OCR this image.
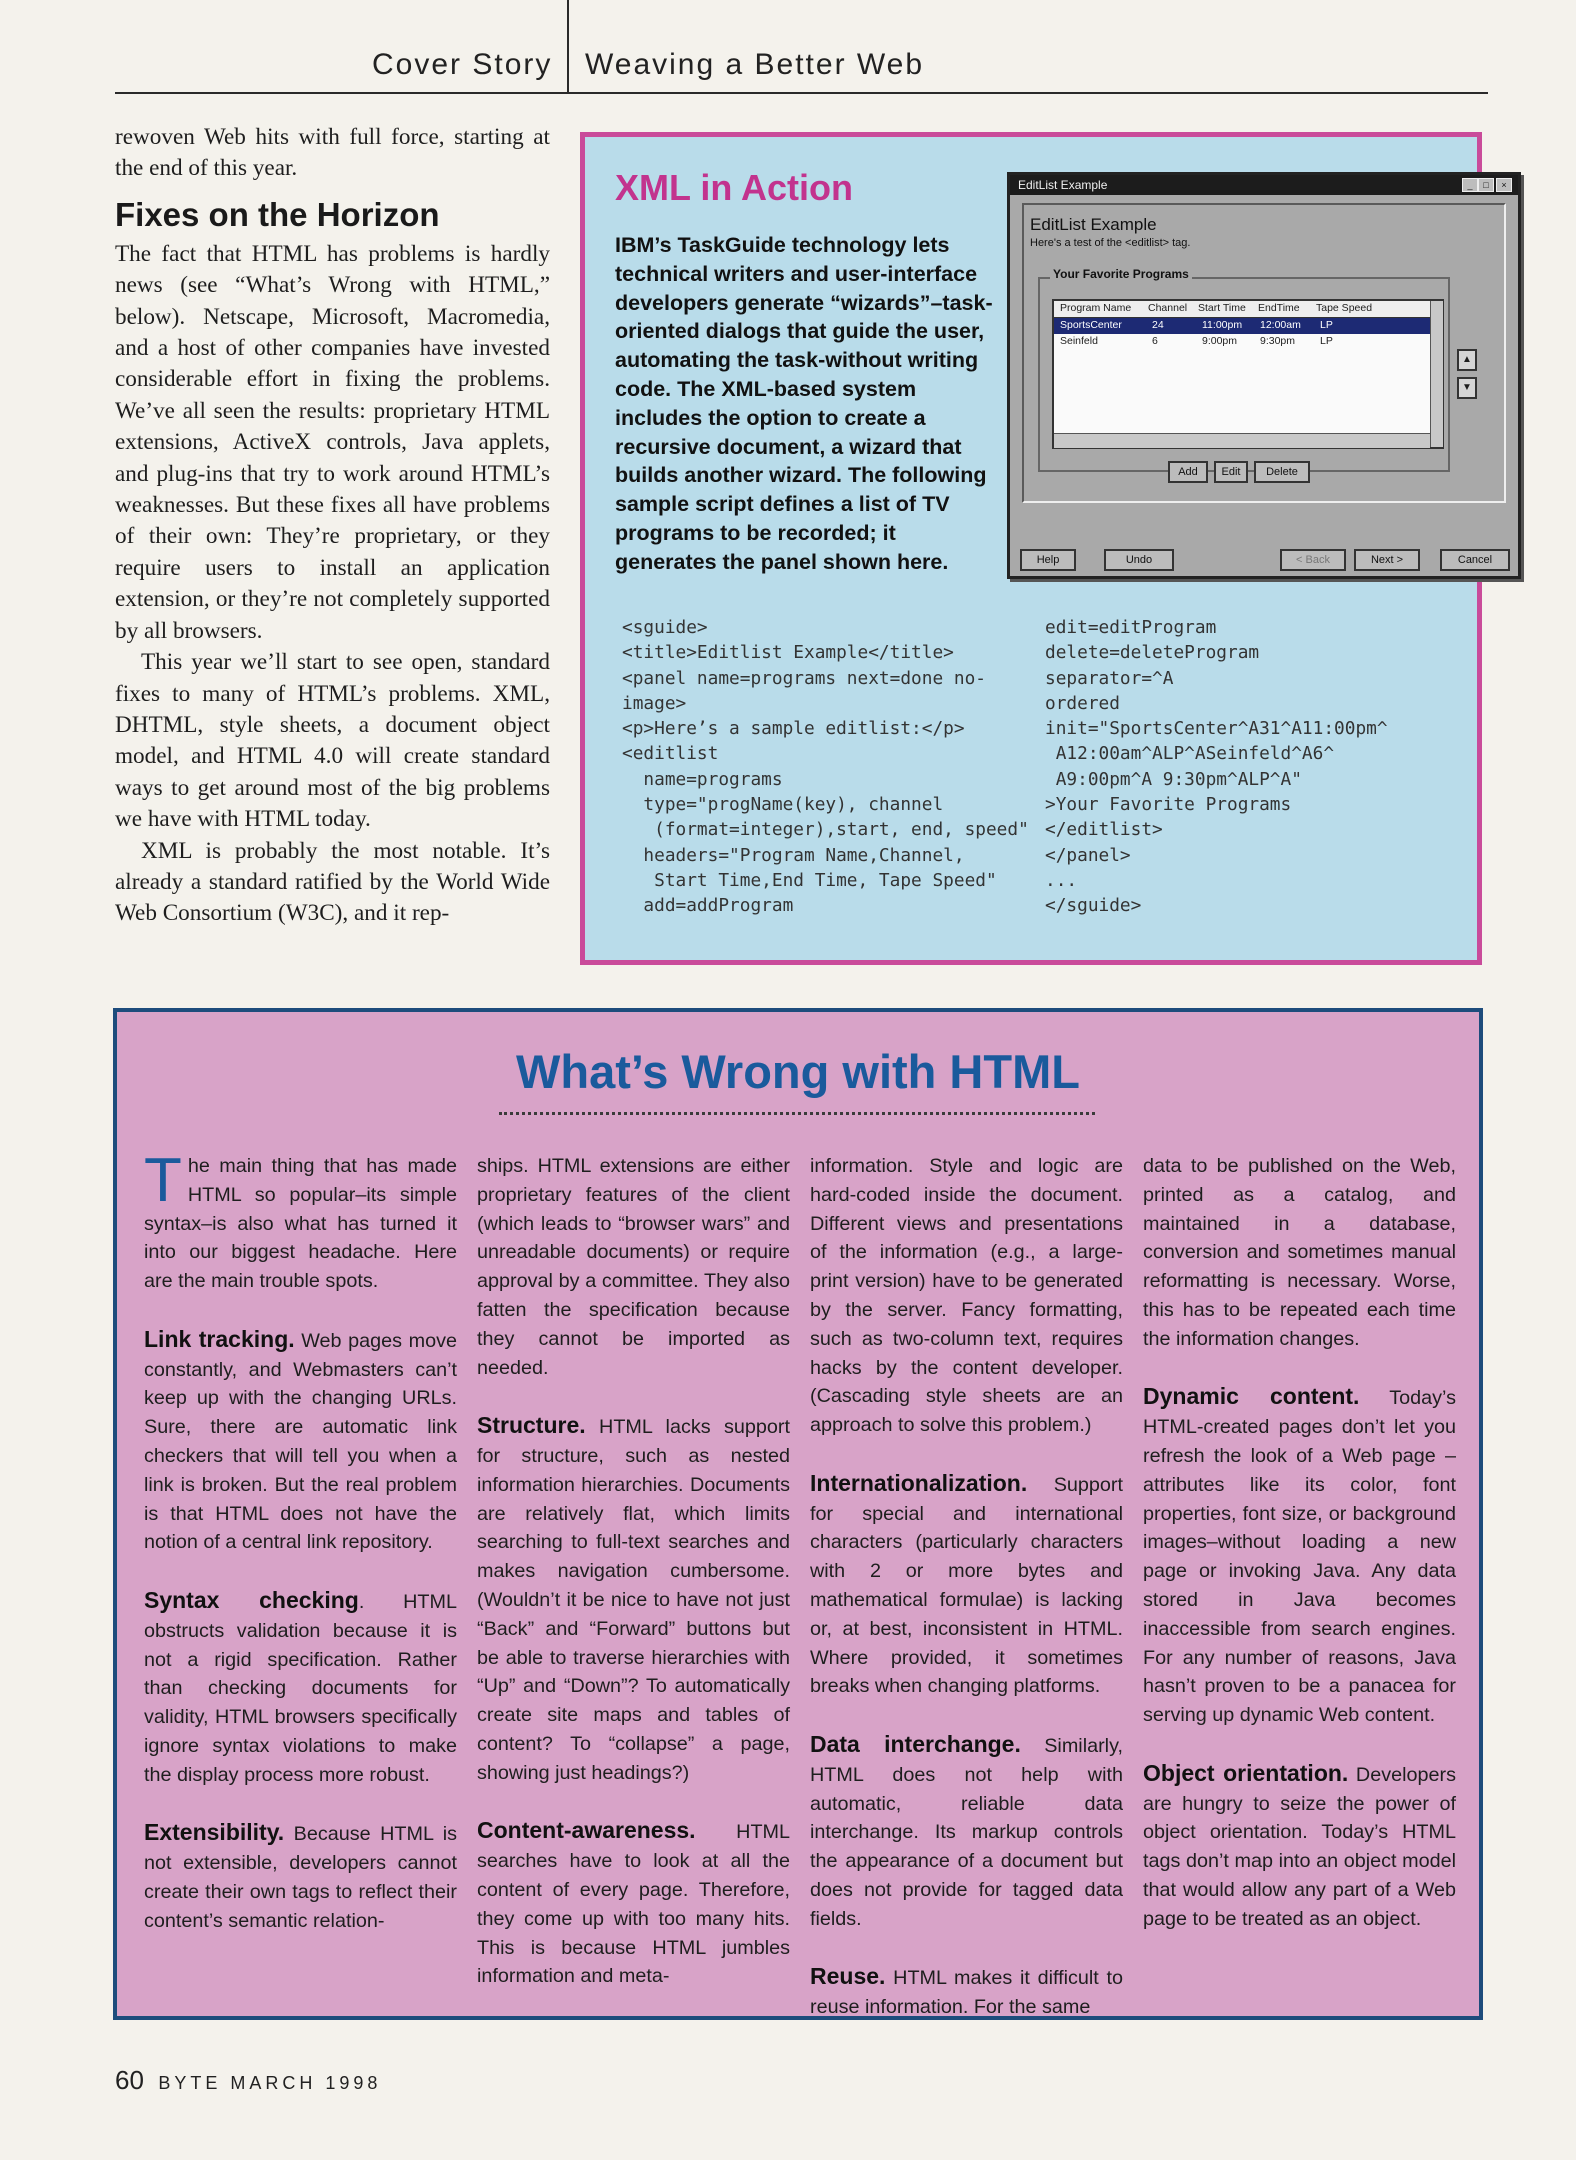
Cover Story Weaving a Better Web

rewoven Web hits with full force, starting at the end of this year.

Fixes on the Horizon

The fact that HTML has problems is hardly news (see “What’s Wrong with HTML,” below). Netscape, Microsoft, Macromedia, and a host of other companies have invested considerable effort in fixing the problems. We’ve all seen the results: proprietary HTML extensions, ActiveX controls, Java applets, and plug-ins that try to work around HTML’s weaknesses. But these fixes all have problems of their own: They’re proprietary, or they require users to install an application extension, or they’re not completely supported by all browsers.

This year we’ll start to see open, standard fixes to many of HTML’s problems. XML, DHTML, style sheets, a document object model, and HTML 4.0 will create standard ways to get around most of the big problems we have with HTML today.

XML is probably the most notable. It’s already a standard ratified by the World Wide Web Consortium (W3C), and it rep-

XML in Action
IBM’s TaskGuide technology lets technical writers and user-interface developers generate “wizards”–task-oriented dialogs that guide the user, automating the task-without writing code. The XML-based system includes the option to create a recursive document, a wizard that builds another wizard. The following sample script defines a list of TV programs to be recorded; it generates the panel shown here.
<sguide>
<title>Editlist Example</title>
<panel name=programs next=done no-
image>
<p>Here’s a sample editlist:</p>
<editlist
name=programs
type="progName(key), channel
(format=integer),start, end, speed"
headers="Program Name,Channel,
Start Time,End Time, Tape Speed"
add=addProgram
edit=editProgram
delete=deleteProgram
separator=^A
ordered
init="SportsCenter^A31^A11:00pm^
A12:00am^ALP^ASeinfeld^A6^
A9:00pm^A 9:30pm^ALP^A"
>Your Favorite Programs
</editlist>
</panel>
...
</sguide>
EditList Example	_	□	×
EditList Example
Here's a test of the <editlist> tag.
Your Favorite Programs
Program Name Channel Start Time EndTime Tape Speed
SportsCenter	24	11:00pm 12:00am LP
Seinfeld	6	9:00pm 9:30pm LP
▲
▼
Add	Edit	Delete
Help	Undo	< Back	Next >	Cancel
What’s Wrong with HTML

The main thing that has made HTML so popular–its simple syntax–is also what has turned it into our biggest headache. Here are the main trouble spots.

Link tracking. Web pages move constantly, and Webmasters can’t keep up with the changing URLs. Sure, there are automatic link checkers that will tell you when a link is broken. But the real problem is that HTML does not have the notion of a central link repository.

Syntax checking. HTML obstructs validation because it is not a rigid specification. Rather than checking documents for validity, HTML browsers specifically ignore syntax violations to make the display process more robust.

Extensibility. Because HTML is not extensible, developers cannot create their own tags to reflect their content’s semantic relation-

ships. HTML extensions are either proprietary features of the client (which leads to “browser wars” and unreadable documents) or require approval by a committee. They also fatten the specification because they cannot be imported as needed.

Structure. HTML lacks support for structure, such as nested information hierarchies. Documents are relatively flat, which limits searching to full-text searches and makes navigation cumbersome. (Wouldn’t it be nice to have not just “Back” and “Forward” buttons but be able to traverse hierarchies with “Up” and “Down”? To automatically create site maps and tables of content? To “collapse” a page, showing just headings?)

Content-awareness. HTML searches have to look at all the content of every page. Therefore, they come up with too many hits. This is because HTML jumbles information and meta-

information. Style and logic are hard-coded inside the document. Different views and presentations of the information (e.g., a large-print version) have to be generated by the server. Fancy formatting, such as two-column text, requires hacks by the content developer. (Cascading style sheets are an approach to solve this problem.)

Internationalization. Support for special and international characters (particularly characters with 2 or more bytes and mathematical formulae) is lacking or, at best, inconsistent in HTML. Where provided, it sometimes breaks when changing platforms.

Data interchange. Similarly, HTML does not help with automatic, reliable data interchange. Its markup controls the appearance of a document but does not provide for tagged data fields.

Reuse. HTML makes it difficult to reuse information. For the same

data to be published on the Web, printed as a catalog, and maintained in a database, conversion and sometimes manual reformatting is necessary. Worse, this has to be repeated each time the information changes.

Dynamic content. Today’s HTML-created pages don’t let you refresh the look of a Web page – attributes like its color, font properties, font size, or background images–without loading a new page or invoking Java. Any data stored in Java becomes inaccessible from search engines. For any number of reasons, Java hasn’t proven to be a panacea for serving up dynamic Web content.

Object orientation. Developers are hungry to seize the power of object orientation. Today’s HTML tags don’t map into an object model that would allow any part of a Web page to be treated as an object.

60 BYTE MARCH 1998
